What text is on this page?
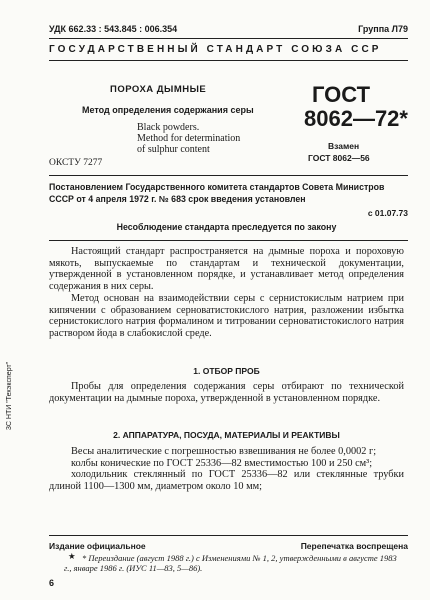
УДК 662.33 : 543.845 : 006.354	Группа Л79
ГОСУДАРСТВЕННЫЙ СТАНДАРТ СОЮЗА ССР
ПОРОХА ДЫМНЫЕ
Метод определения содержания серы
Black powders.
Method for determination
of sulphur content
ГОСТ
8062—72*
Взамен
ГОСТ 8062—56
ОКСТУ 7277
Постановлением Государственного комитета стандартов Совета Министров СССР от 4 апреля 1972 г. № 683 срок введения установлен
с 01.07.73
Несоблюдение стандарта преследуется по закону

Настоящий стандарт распространяется на дымные пороха и пороховую мякоть, выпускаемые по стандартам и технической документации, утвержденной в установленном порядке, и устанавливает метод определения содержания в них серы.

Метод основан на взаимодействии серы с сернистокислым натрием при кипячении с образованием серноватистокислого натрия, разложении избытка сернистокислого натрия формалином и титровании серноватистокислого натрия раствором йода в слабокислой среде.

1. ОТБОР ПРОБ

Пробы для определения содержания серы отбирают по технической документации на дымные пороха, утвержденной в установленном порядке.

2. АППАРАТУРА, ПОСУДА, МАТЕРИАЛЫ И РЕАКТИВЫ

Весы аналитические с погрешностью взвешивания не более 0,0002 г;

колбы конические по ГОСТ 25336—82 вместимостью 100 и 250 см³;

холодильник стеклянный по ГОСТ 25336—82 или стеклянные трубки длиной 1100—1300 мм, диаметром около 10 мм;

Издание официальное	Перепечатка воспрещена
★ * Переиздание (август 1988 г.) с Изменениями № 1, 2, утвержденными в августе 1983 г., январе 1986 г. (ИУС 11—83, 5—86).
6
3С НТИ "Техэксперт"
